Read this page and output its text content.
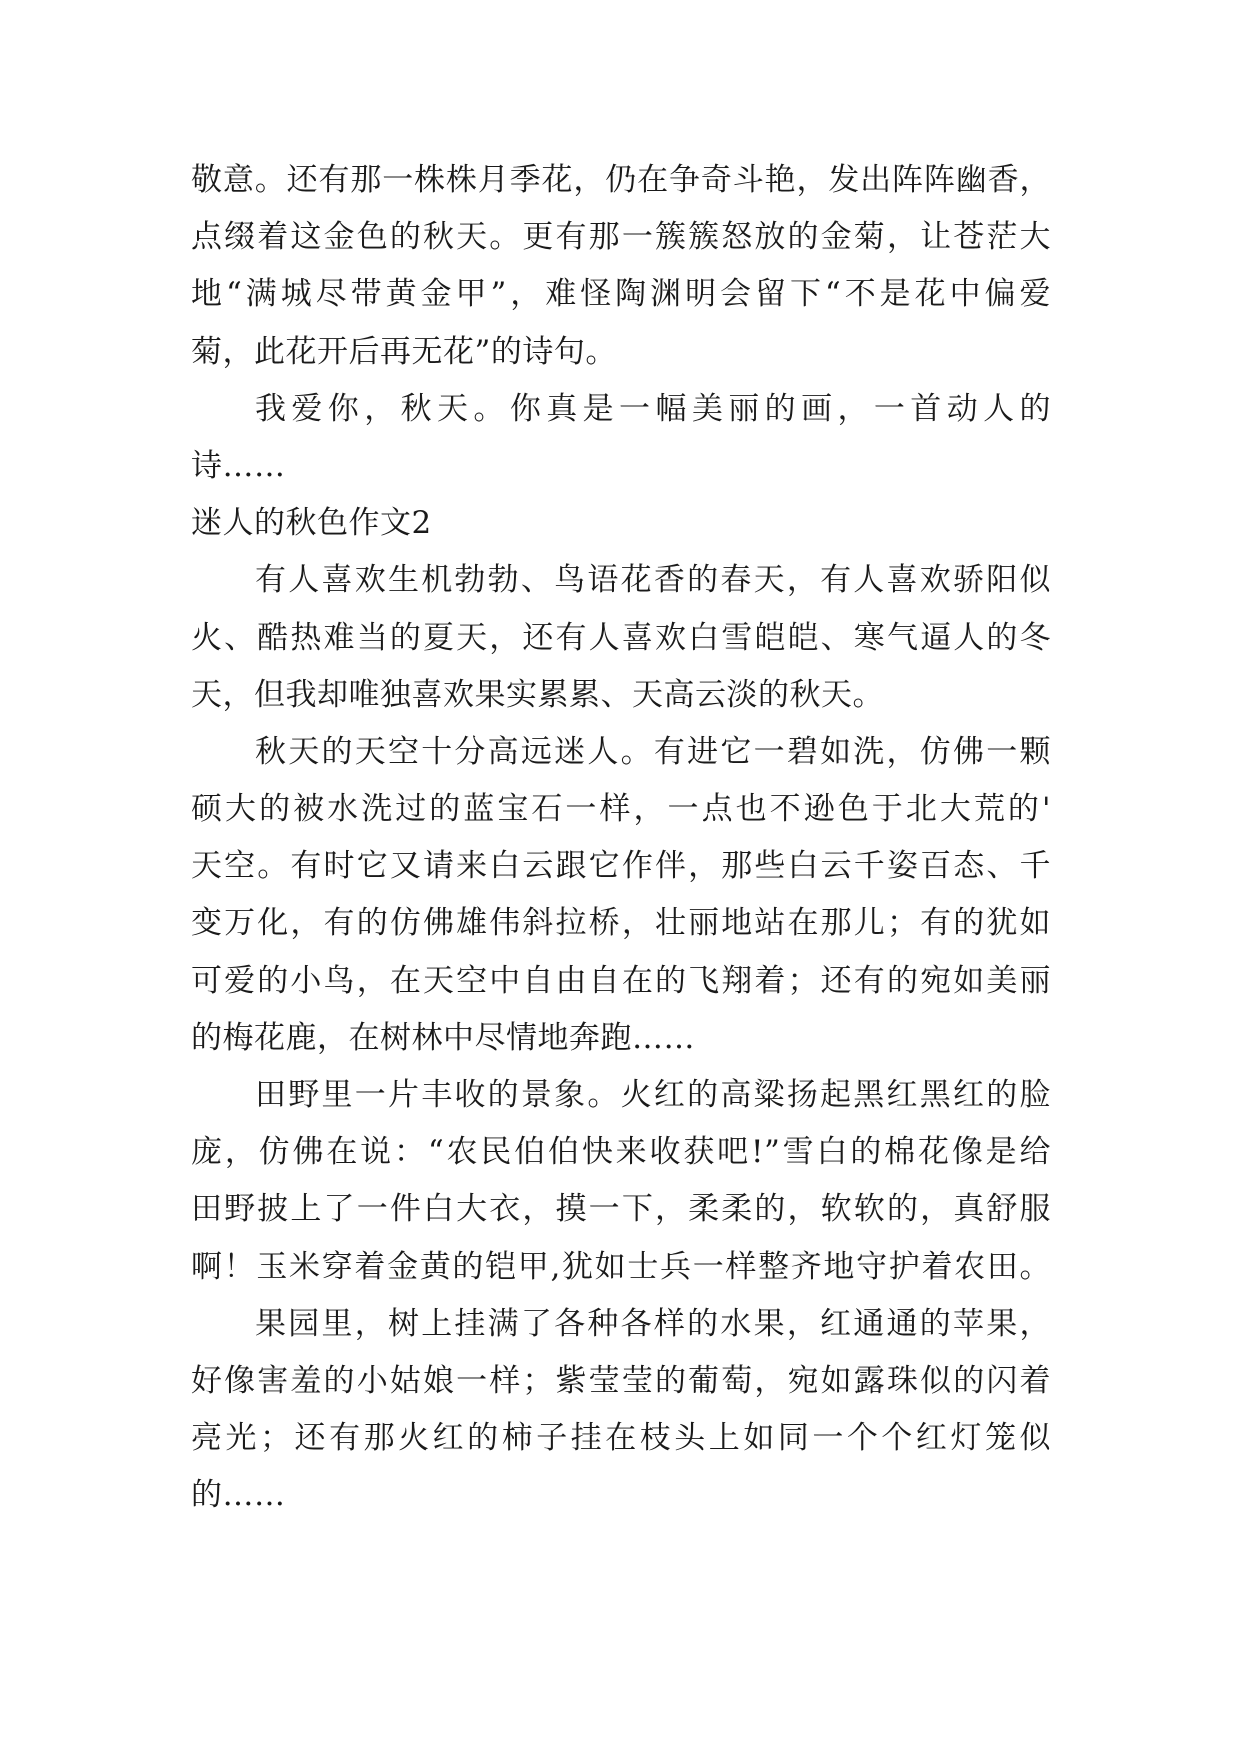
敬意。还有那一株株月季花，仍在争奇斗艳，发出阵阵幽香，
点缀着这金色的秋天。更有那一簇簇怒放的金菊，让苍茫大
地“满城尽带黄金甲”，难怪陶渊明会留下“不是花中偏爱
菊，此花开后再无花”的诗句。
我爱你，秋天。你真是一幅美丽的画，一首动人的
诗……
迷人的秋色作文2
有人喜欢生机勃勃、鸟语花香的春天，有人喜欢骄阳似
火、酷热难当的夏天，还有人喜欢白雪皑皑、寒气逼人的冬
天，但我却唯独喜欢果实累累、天高云淡的秋天。
秋天的天空十分高远迷人。有进它一碧如洗，仿佛一颗
硕大的被水洗过的蓝宝石一样，一点也不逊色于北大荒的'
天空。有时它又请来白云跟它作伴，那些白云千姿百态、千
变万化，有的仿佛雄伟斜拉桥，壮丽地站在那儿；有的犹如
可爱的小鸟，在天空中自由自在的飞翔着；还有的宛如美丽
的梅花鹿，在树林中尽情地奔跑……
田野里一片丰收的景象。火红的高粱扬起黑红黑红的脸
庞，仿佛在说：“农民伯伯快来收获吧!”雪白的棉花像是给
田野披上了一件白大衣，摸一下，柔柔的，软软的，真舒服
啊！玉米穿着金黄的铠甲,犹如士兵一样整齐地守护着农田。
果园里，树上挂满了各种各样的水果，红通通的苹果，
好像害羞的小姑娘一样；紫莹莹的葡萄，宛如露珠似的闪着
亮光；还有那火红的柿子挂在枝头上如同一个个红灯笼似
的……
